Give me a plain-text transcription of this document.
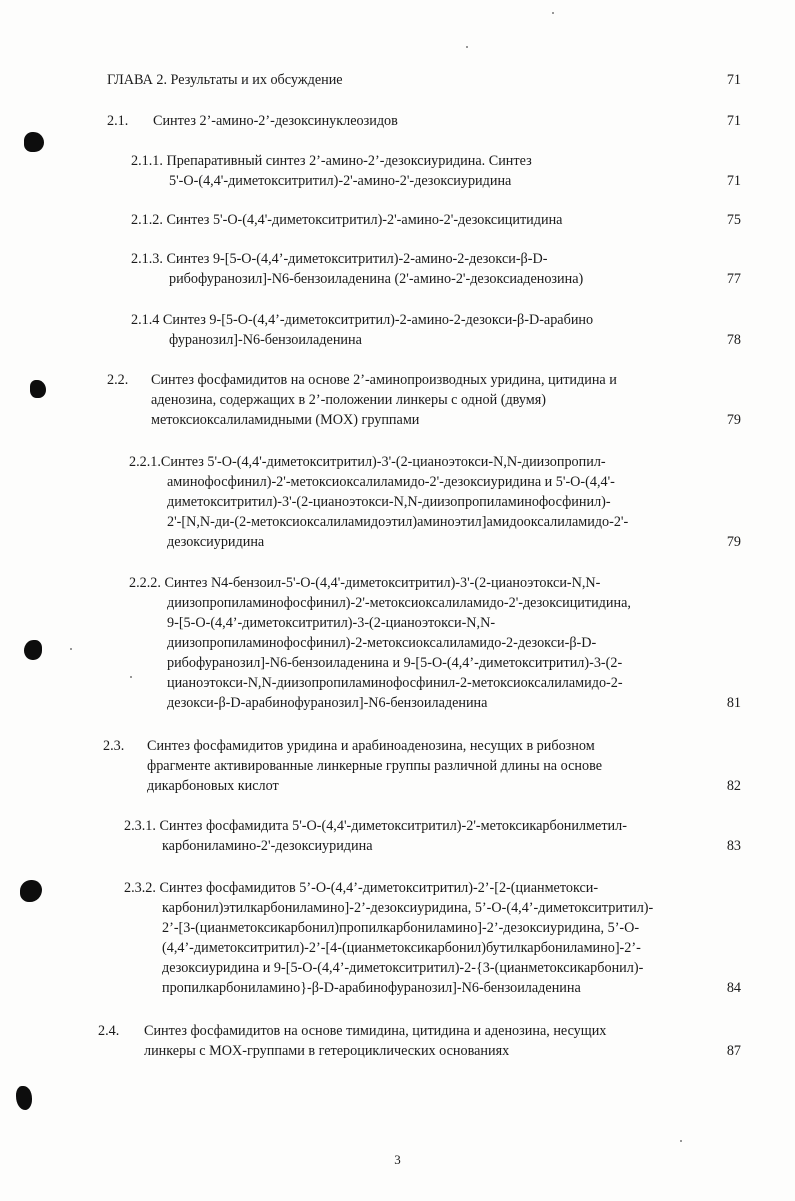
ГЛАВА 2. Результаты и их обсуждение	71
2.1. Синтез 2’-амино-2’-дезоксинуклеозидов	71
2.1.1. Препаративный синтез 2’-амино-2’-дезоксиуридина. Синтез
5'-O-(4,4'-диметокситритил)-2'-амино-2'-дезоксиуридина	71
2.1.2. Синтез 5'-O-(4,4'-диметокситритил)-2'-амино-2'-дезоксицитидина	75
2.1.3. Синтез 9-[5-O-(4,4’-диметокситритил)-2-амино-2-дезокси-β-D-
рибофуранозил]-N6-бензоиладенина (2'-амино-2'-дезоксиаденозина)	77
2.1.4 Синтез 9-[5-O-(4,4’-диметокситритил)-2-амино-2-дезокси-β-D-арабино
фуранозил]-N6-бензоиладенина	78
2.2. Синтез фосфамидитов на основе 2’-аминопроизводных уридина, цитидина и
аденозина, содержащих в 2’-положении линкеры с одной (двумя)
метоксиоксалиламидными (MOX) группами	79
2.2.1.Синтез 5'-O-(4,4'-диметокситритил)-3'-(2-цианоэтокси-N,N-диизопропил-
аминофосфинил)-2'-метоксиоксалиламидо-2'-дезоксиуридина и 5'-O-(4,4'-
диметокситритил)-3'-(2-цианоэтокси-N,N-диизопропиламинофосфинил)-
2'-[N,N-ди-(2-метоксиоксалиламидоэтил)аминоэтил]амидооксалиламидо-2'-
дезоксиуридина	79
2.2.2. Синтез N4-бензоил-5'-O-(4,4'-диметокситритил)-3'-(2-цианоэтокси-N,N-
диизопропиламинофосфинил)-2'-метоксиоксалиламидо-2'-дезоксицитидина,
9-[5-O-(4,4’-диметокситритил)-3-(2-цианоэтокси-N,N-
диизопропиламинофосфинил)-2-метоксиоксалиламидо-2-дезокси-β-D-
рибофуранозил]-N6-бензоиладенина и 9-[5-O-(4,4’-диметокситритил)-3-(2-
цианоэтокси-N,N-диизопропиламинофосфинил-2-метоксиоксалиламидо-2-
дезокси-β-D-арабинофуранозил]-N6-бензоиладенина	81
2.3. Синтез фосфамидитов уридина и арабиноаденозина, несущих в рибозном
фрагменте активированные линкерные группы различной длины на основе
дикарбоновых кислот	82
2.3.1. Синтез фосфамидита 5'-O-(4,4'-диметокситритил)-2'-метоксикарбонилметил-
карбониламино-2'-дезоксиуридина	83
2.3.2. Синтез фосфамидитов 5’-O-(4,4’-диметокситритил)-2’-[2-(цианметокси-
карбонил)этилкарбониламино]-2’-дезоксиуридина, 5’-O-(4,4’-диметокситритил)-
2’-[3-(цианметоксикарбонил)пропилкарбониламино]-2’-дезоксиуридина, 5’-O-
(4,4’-диметокситритил)-2’-[4-(цианметоксикарбонил)бутилкарбониламино]-2’-
дезоксиуридина и 9-[5-O-(4,4’-диметокситритил)-2-{3-(цианметоксикарбонил)-
пропилкарбониламино}-β-D-арабинофуранозил]-N6-бензоиладенина	84
2.4. Синтез фосфамидитов на основе тимидина, цитидина и аденозина, несущих
линкеры с MOX-группами в гетероциклических основаниях	87
3
